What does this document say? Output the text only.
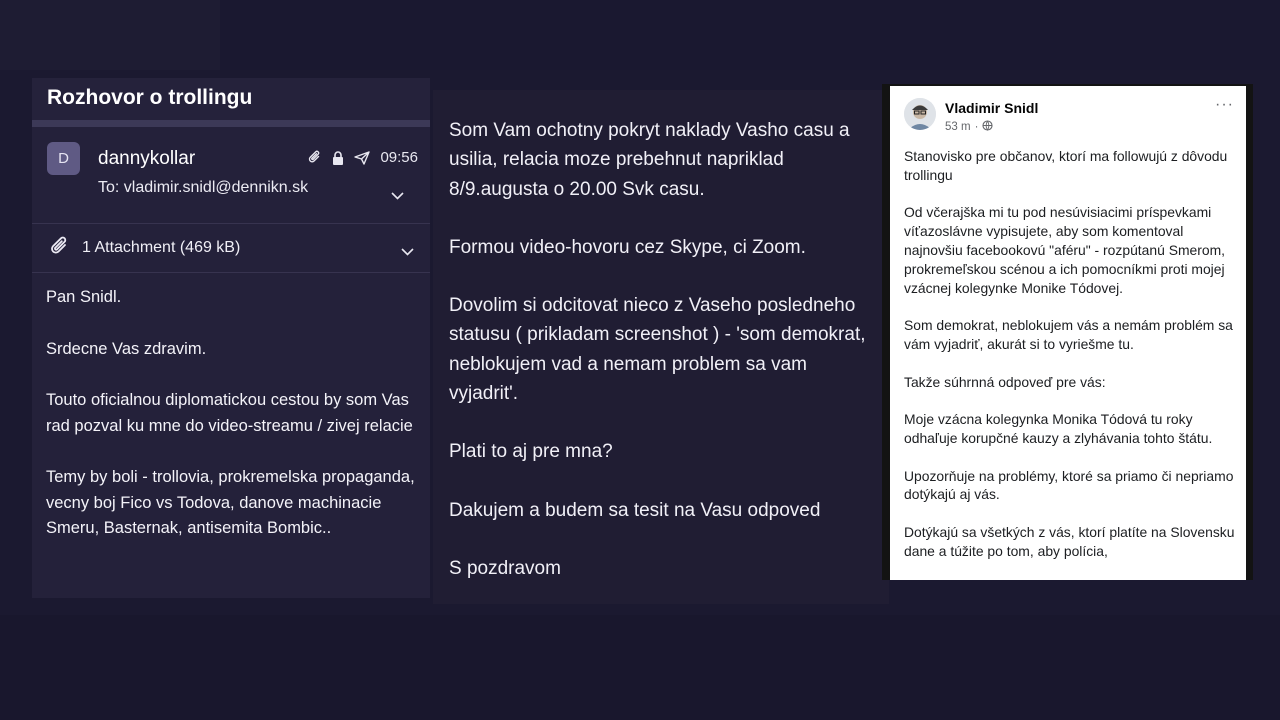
Rozhovor o trollingu
D	dannykollar	09:56
To: vladimir.snidl@dennikn.sk
1 Attachment (469 kB)

Pan Snidl.

Srdecne Vas zdravim.

Touto oficialnou diplomatickou cestou by som Vas rad pozval ku mne do video-streamu / zivej relacie

Temy by boli - trollovia, prokremelska propaganda, vecny boj Fico vs Todova, danove machinacie Smeru, Basternak, antisemita Bombic..

Som Vam ochotny pokryt naklady Vasho casu a usilia, relacia moze prebehnut napriklad 8/9.augusta o 20.00 Svk casu.

Formou video-hovoru cez Skype, ci Zoom.

Dovolim si odcitovat nieco z Vaseho posledneho statusu ( prikladam screenshot ) - 'som demokrat, neblokujem vad a nemam problem sa vam vyjadrit'.

Plati to aj pre mna?

Dakujem a budem sa tesit na Vasu odpoved

S pozdravom

Vladimir Snidl
53 m ·
···

Stanovisko pre občanov, ktorí ma followujú z dôvodu trollingu

Od včerajška mi tu pod nesúvisiacimi príspevkami víťazoslávne vypisujete, aby som komentoval najnovšiu facebookovú "aféru" - rozpútanú Smerom, prokremeľskou scénou a ich pomocníkmi proti mojej vzácnej kolegynke Monike Tódovej.

Som demokrat, neblokujem vás a nemám problém sa vám vyjadriť, akurát si to vyriešme tu.

Takže súhrnná odpoveď pre vás:

Moje vzácna kolegynka Monika Tódová tu roky odhaľuje korupčné kauzy a zlyhávania tohto štátu.

Upozorňuje na problémy, ktoré sa priamo či nepriamo dotýkajú aj vás.

Dotýkajú sa všetkých z vás, ktorí platíte na Slovensku dane a túžite po tom, aby polícia,
